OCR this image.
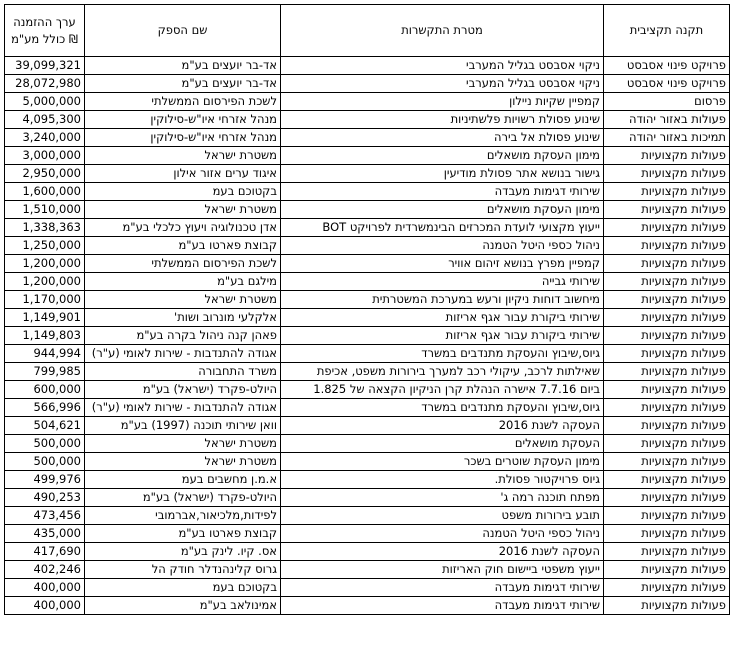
ערך ההזמנה ₪ כולל מע"מ	שם הספק	מטרת התקשרות	תקנה תקציבית
39,099,321	אד-בר יועצים בע"מ	ניקוי אסבסט בגליל המערבי	פרויקט פינוי אסבסט
28,072,980	אד-בר יועצים בע"מ	ניקוי אסבסט בגליל המערבי	פרויקט פינוי אסבסט
5,000,000	לשכת הפירסום הממשלתי	קמפיין שקיות ניילון	פרסום
4,095,300	מנהל אזרחי איו"ש-סילוקין	שינוע פסולת רשויות פלשתיניות	פעולות באזור יהודה
3,240,000	מנהל אזרחי איו"ש-סילוקין	שינוע פסולת אל בירה	תמיכות באזור יהודה
3,000,000	משטרת ישראל	מימון העסקת מושאלים	פעולות מקצועיות
2,950,000	איגוד ערים אזור אילון	גישור בנושא אתר פסולת מודיעין	פעולות מקצועיות
1,600,000	בקטוכם בעמ	שירותי דגימות מעבדה	פעולות מקצועיות
1,510,000	משטרת ישראל	מימון העסקת מושאלים	פעולות מקצועיות
1,338,363	אדן טכנולוגיה ויעוץ כלכלי בע"מ	ייעוץ מקצועי לועדת המכרזים הבינמשרדית לפרויקט BOT	פעולות מקצועיות
1,250,000	קבוצת פארטו בע"מ	ניהול כספי היטל הטמנה	פעולות מקצועיות
1,200,000	לשכת הפירסום הממשלתי	קמפיין מפרץ בנושא זיהום אוויר	פעולות מקצועיות
1,200,000	מילגם בע"מ	שירותי גבייה	פעולות מקצועיות
1,170,000	משטרת ישראל	מיחשוב דוחות ניקיון ורעש במערכת המשטרתית	פעולות מקצועיות
1,149,901	אלקלעי מונרוב ושות'	שירותי ביקורת עבור אגף אריזות	פעולות מקצועיות
1,149,803	פאהן קנה ניהול בקרה בע"מ	שירותי ביקורת עבור אגף אריזות	פעולות מקצועיות
944,994	אגודה להתנדבות - שירות לאומי (ע"ר)	גיוס,שיבוץ והעסקת מתנדבים במשרד	פעולות מקצועיות
799,985	משרד התחבורה	שאילתות לרכב, עיקולי רכב למערך בירורות משפט, אכיפת	פעולות מקצועיות
600,000	היולט-פקרד (ישראל) בע"מ	ביום 7.7.16 אישרה הנהלת קרן הניקיון הקצאה של 1.825	פעולות מקצועיות
566,996	אגודה להתנדבות - שירות לאומי (ע"ר)	גיוס,שיבוץ והעסקת מתנדבים במשרד	פעולות מקצועיות
504,621	וואן שירותי תוכנה (1997) בע"מ	העסקה לשנת 2016	פעולות מקצועיות
500,000	משטרת ישראל	העסקת מושאלים	פעולות מקצועיות
500,000	משטרת ישראל	מימון העסקת שוטרים בשכר	פעולות מקצועיות
499,976	א.מ.ן מחשבים בעמ	גיוס פרויקטור פסולת.	פעולות מקצועיות
490,253	היולט-פקרד (ישראל) בע"מ	מפתח תוכנה רמה ג'	פעולות מקצועיות
473,456	לפידות,מלכיאור,אברמובי	תובע בירורות משפט	פעולות מקצועיות
435,000	קבוצת פארטו בע"מ	ניהול כספי היטל הטמנה	פעולות מקצועיות
417,690	אס. קיו. לינק בע"מ	העסקה לשנת 2016	פעולות מקצועיות
402,246	גרוס קלינהנדלר חודק הל	ייעוץ משפטי ביישום חוק האריזות	פעולות מקצועיות
400,000	בקטוכם בעמ	שירותי דגימות מעבדה	פעולות מקצועיות
400,000	אמינולאב בע"מ	שירותי דגימות מעבדה	פעולות מקצועיות
